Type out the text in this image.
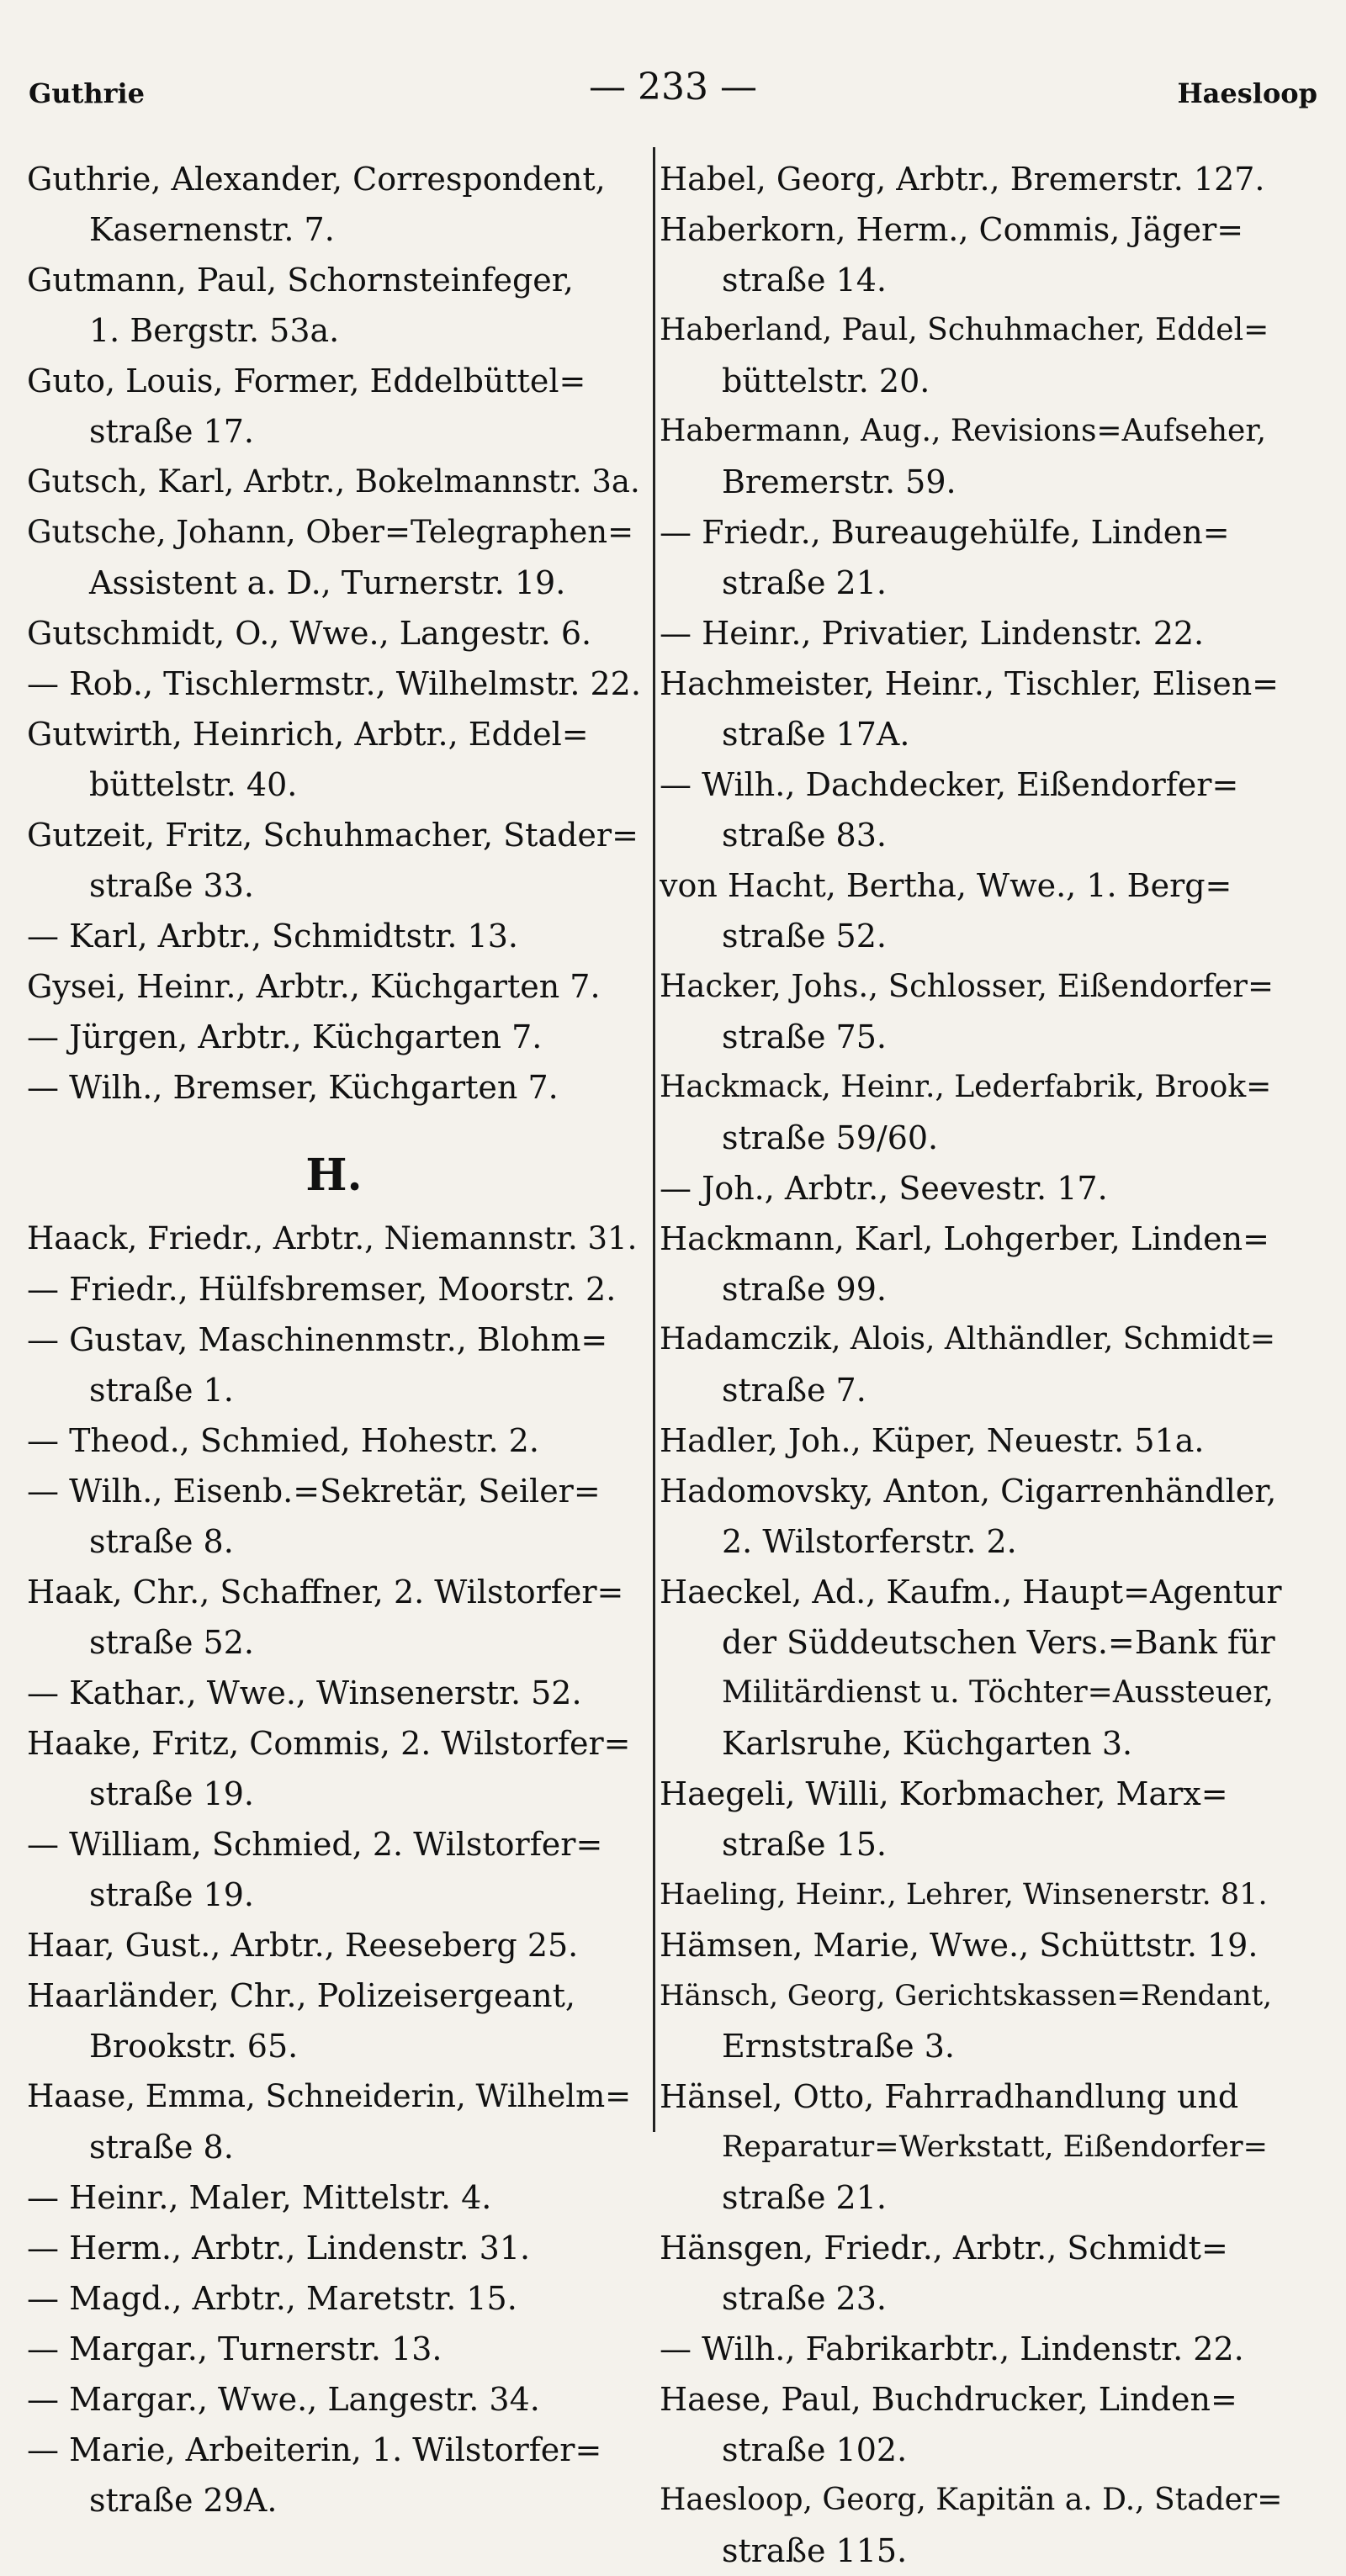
Guthrie	— 233 —	Haesloop
Guthrie, Alexander, Correspondent,
Kasernenstr. 7.
Gutmann, Paul, Schornsteinfeger,
1. Bergstr. 53a.
Guto, Louis, Former, Eddelbüttel=
straße 17.
Gutsch, Karl, Arbtr., Bokelmannstr. 3a.
Gutsche, Johann, Ober=Telegraphen=
Assistent a. D., Turnerstr. 19.
Gutschmidt, O., Wwe., Langestr. 6.
— Rob., Tischlermstr., Wilhelmstr. 22.
Gutwirth, Heinrich, Arbtr., Eddel=
büttelstr. 40.
Gutzeit, Fritz, Schuhmacher, Stader=
straße 33.
— Karl, Arbtr., Schmidtstr. 13.
Gysei, Heinr., Arbtr., Küchgarten 7.
— Jürgen, Arbtr., Küchgarten 7.
— Wilh., Bremser, Küchgarten 7.
H.
Haack, Friedr., Arbtr., Niemannstr. 31.
— Friedr., Hülfsbremser, Moorstr. 2.
— Gustav, Maschinenmstr., Blohm=
straße 1.
— Theod., Schmied, Hohestr. 2.
— Wilh., Eisenb.=Sekretär, Seiler=
straße 8.
Haak, Chr., Schaffner, 2. Wilstorfer=
straße 52.
— Kathar., Wwe., Winsenerstr. 52.
Haake, Fritz, Commis, 2. Wilstorfer=
straße 19.
— William, Schmied, 2. Wilstorfer=
straße 19.
Haar, Gust., Arbtr., Reeseberg 25.
Haarländer, Chr., Polizeisergeant,
Brookstr. 65.
Haase, Emma, Schneiderin, Wilhelm=
straße 8.
— Heinr., Maler, Mittelstr. 4.
— Herm., Arbtr., Lindenstr. 31.
— Magd., Arbtr., Maretstr. 15.
— Margar., Turnerstr. 13.
— Margar., Wwe., Langestr. 34.
— Marie, Arbeiterin, 1. Wilstorfer=
straße 29A.
Habel, Georg, Arbtr., Bremerstr. 127.
Haberkorn, Herm., Commis, Jäger=
straße 14.
Haberland, Paul, Schuhmacher, Eddel=
büttelstr. 20.
Habermann, Aug., Revisions=Aufseher,
Bremerstr. 59.
— Friedr., Bureaugehülfe, Linden=
straße 21.
— Heinr., Privatier, Lindenstr. 22.
Hachmeister, Heinr., Tischler, Elisen=
straße 17A.
— Wilh., Dachdecker, Eißendorfer=
straße 83.
von Hacht, Bertha, Wwe., 1. Berg=
straße 52.
Hacker, Johs., Schlosser, Eißendorfer=
straße 75.
Hackmack, Heinr., Lederfabrik, Brook=
straße 59/60.
— Joh., Arbtr., Seevestr. 17.
Hackmann, Karl, Lohgerber, Linden=
straße 99.
Hadamczik, Alois, Althändler, Schmidt=
straße 7.
Hadler, Joh., Küper, Neuestr. 51a.
Hadomovsky, Anton, Cigarrenhändler,
2. Wilstorferstr. 2.
Haeckel, Ad., Kaufm., Haupt=Agentur
der Süddeutschen Vers.=Bank für
Militärdienst u. Töchter=Aussteuer,
Karlsruhe, Küchgarten 3.
Haegeli, Willi, Korbmacher, Marx=
straße 15.
Haeling, Heinr., Lehrer, Winsenerstr. 81.
Hämsen, Marie, Wwe., Schüttstr. 19.
Hänsch, Georg, Gerichtskassen=Rendant,
Ernststraße 3.
Hänsel, Otto, Fahrradhandlung und
Reparatur=Werkstatt, Eißendorfer=
straße 21.
Hänsgen, Friedr., Arbtr., Schmidt=
straße 23.
— Wilh., Fabrikarbtr., Lindenstr. 22.
Haese, Paul, Buchdrucker, Linden=
straße 102.
Haesloop, Georg, Kapitän a. D., Stader=
straße 115.
